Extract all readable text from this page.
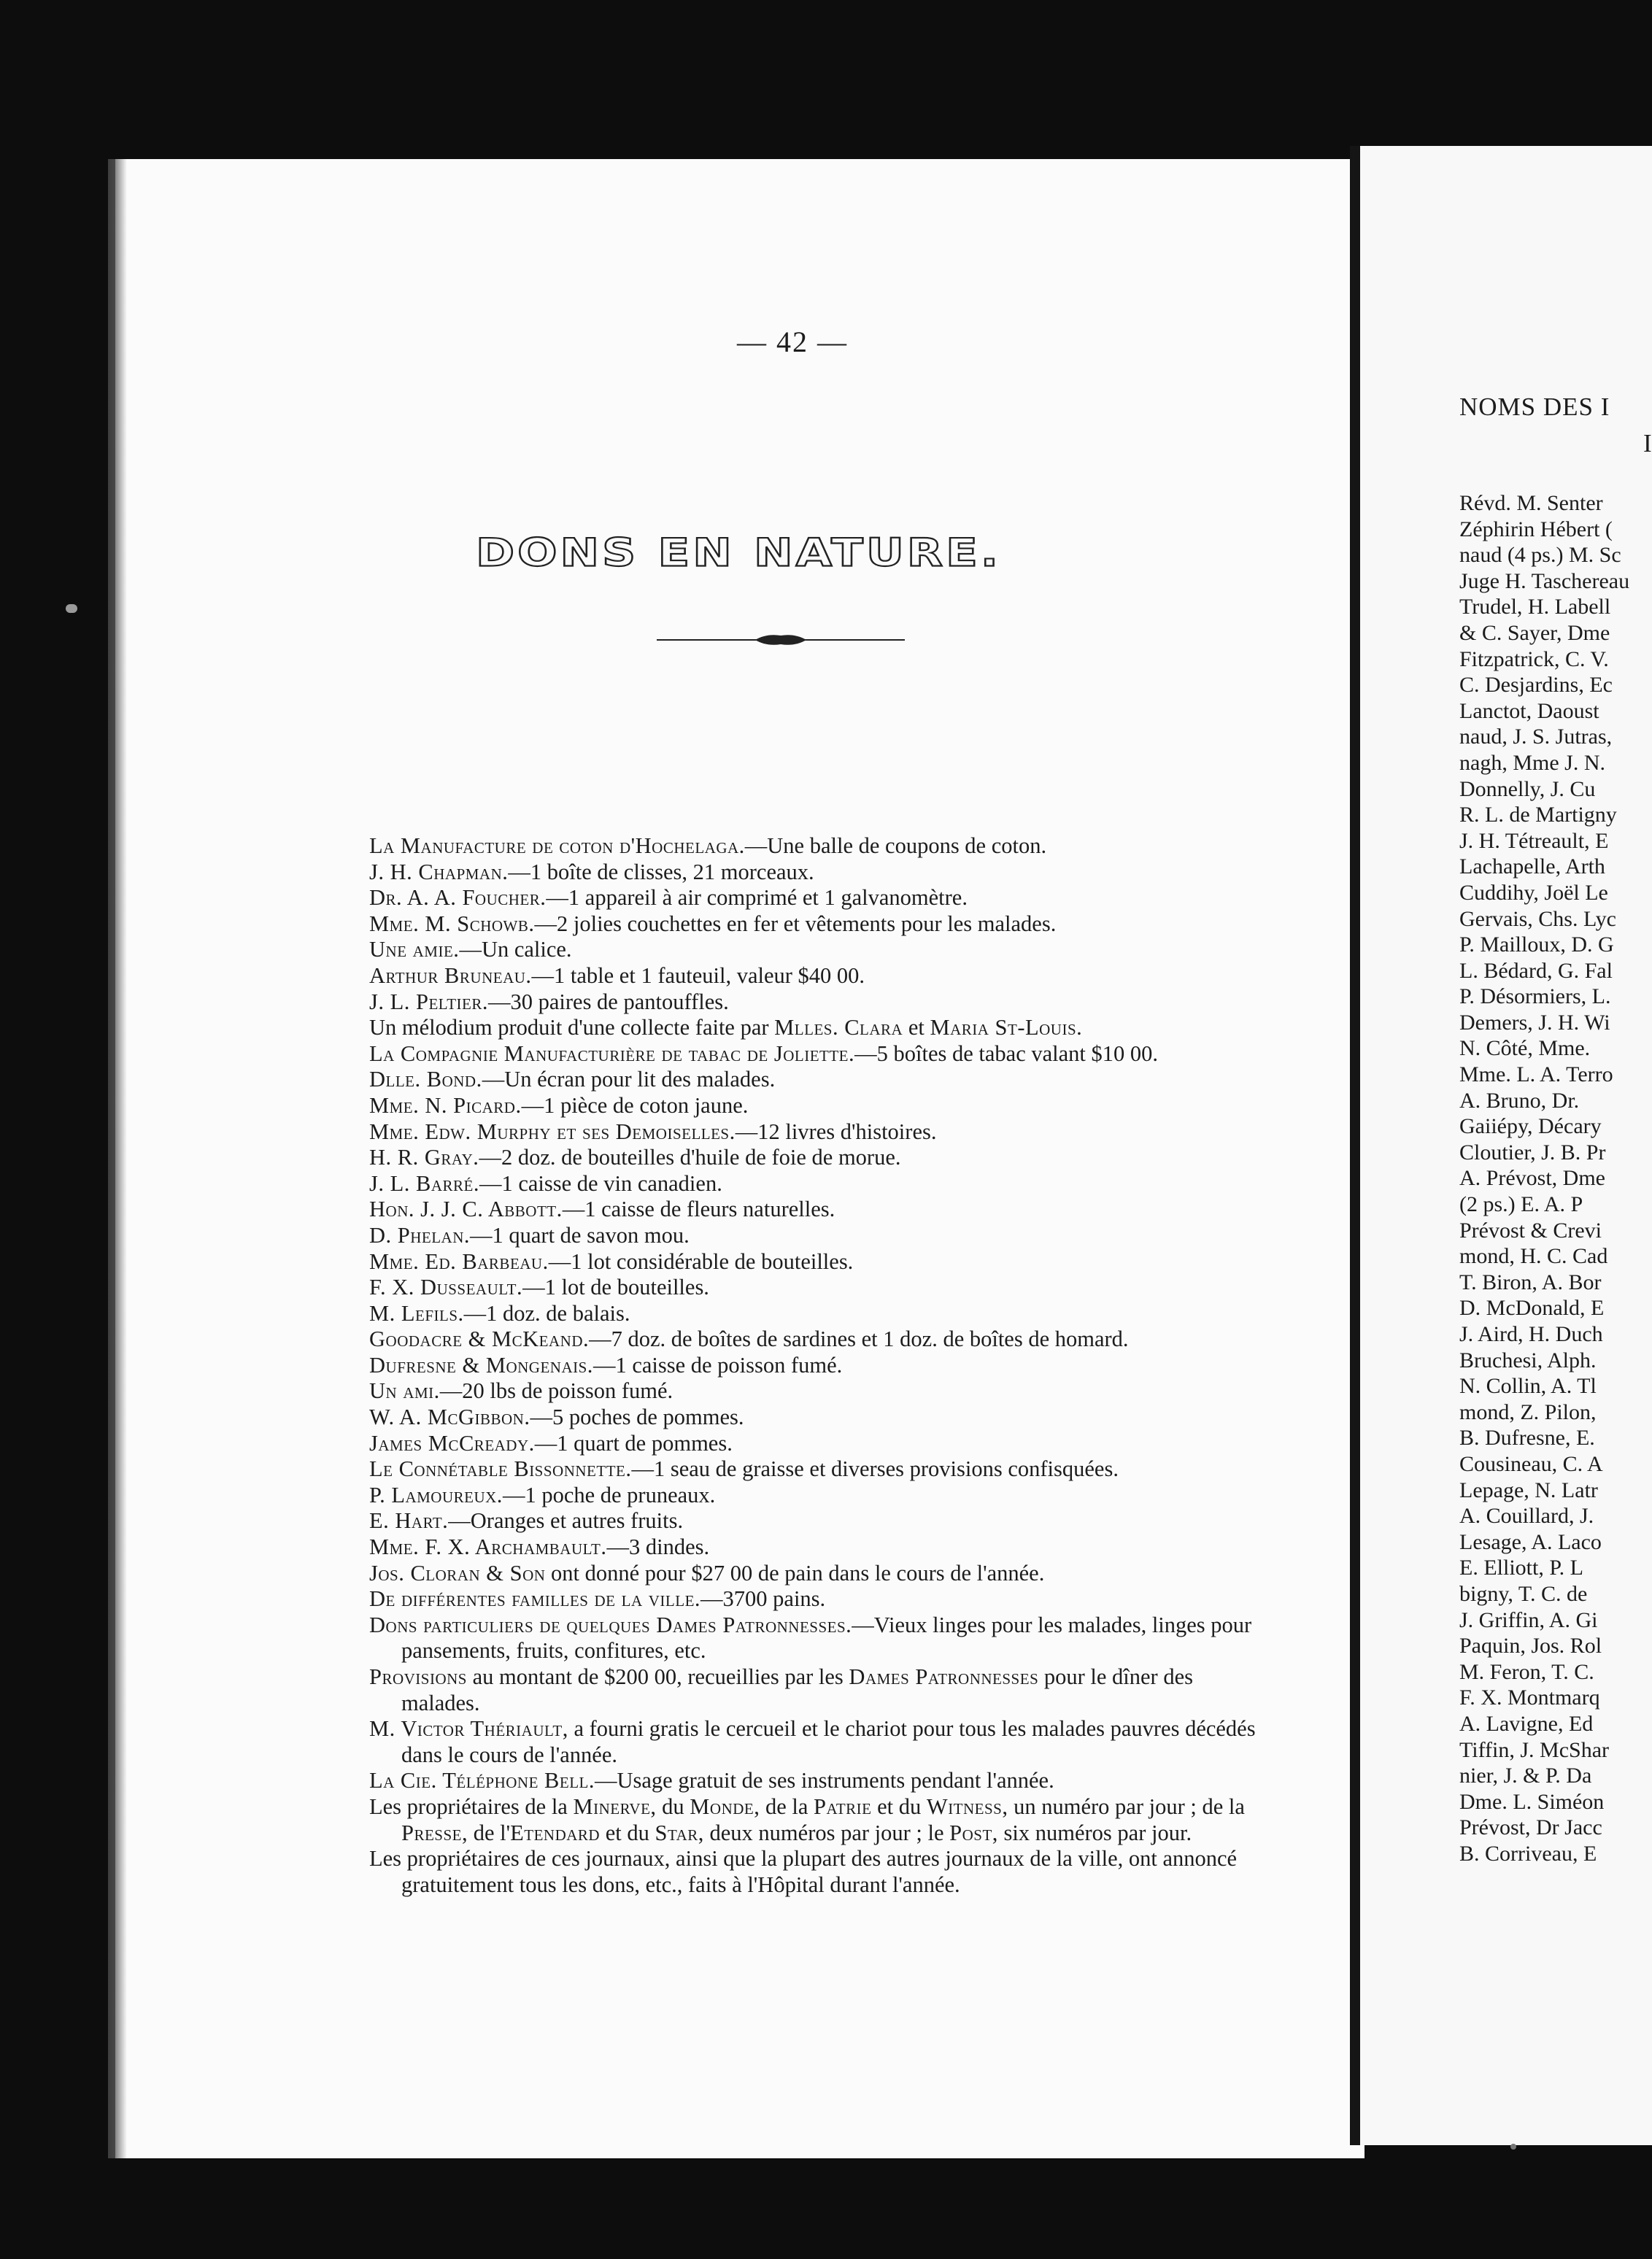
— 42 —
DONS EN NATURE.
La Manufacture de coton d'Hochelaga.—Une balle de coupons de coton.
J. H. Chapman.—1 boîte de clisses, 21 morceaux.
Dr. A. A. Foucher.—1 appareil à air comprimé et 1 galvanomètre.
Mme. M. Schowb.—2 jolies couchettes en fer et vêtements pour les malades.
Une amie.—Un calice.
Arthur Bruneau.—1 table et 1 fauteuil, valeur $40 00.
J. L. Peltier.—30 paires de pantouffles.
Un mélodium produit d'une collecte faite par Mlles. Clara et Maria St-Louis.
La Compagnie Manufacturière de tabac de Joliette.—5 boîtes de tabac valant $10 00.
Dlle. Bond.—Un écran pour lit des malades.
Mme. N. Picard.—1 pièce de coton jaune.
Mme. Edw. Murphy et ses Demoiselles.—12 livres d'histoires.
H. R. Gray.—2 doz. de bouteilles d'huile de foie de morue.
J. L. Barré.—1 caisse de vin canadien.
Hon. J. J. C. Abbott.—1 caisse de fleurs naturelles.
D. Phelan.—1 quart de savon mou.
Mme. Ed. Barbeau.—1 lot considérable de bouteilles.
F. X. Dusseault.—1 lot de bouteilles.
M. Lefils.—1 doz. de balais.
Goodacre & McKeand.—7 doz. de boîtes de sardines et 1 doz. de boîtes de homard.
Dufresne & Mongenais.—1 caisse de poisson fumé.
Un ami.—20 lbs de poisson fumé.
W. A. McGibbon.—5 poches de pommes.
James McCready.—1 quart de pommes.
Le Connétable Bissonnette.—1 seau de graisse et diverses provisions confisquées.
P. Lamoureux.—1 poche de pruneaux.
E. Hart.—Oranges et autres fruits.
Mme. F. X. Archambault.—3 dindes.
Jos. Cloran & Son ont donné pour $27 00 de pain dans le cours de l'année.
De différentes familles de la ville.—3700 pains.
Dons particuliers de quelques Dames Patronnesses.—Vieux linges pour les malades, linges pour pansements, fruits, confitures, etc.
Provisions au montant de $200 00, recueillies par les Dames Patronnesses pour le dîner des malades.
M. Victor Thériault, a fourni gratis le cercueil et le chariot pour tous les malades pauvres décédés dans le cours de l'année.
La Cie. Téléphone Bell.—Usage gratuit de ses instruments pendant l'année.
Les propriétaires de la Minerve, du Monde, de la Patrie et du Witness, un numéro par jour ; de la Presse, de l'Etendard et du Star, deux numéros par jour ; le Post, six numéros par jour.
Les propriétaires de ces journaux, ainsi que la plupart des autres journaux de la ville, ont annoncé gratuitement tous les dons, etc., faits à l'Hôpital durant l'année.
NOMS DES I
I
Révd. M. Senter
Zéphirin Hébert (
naud (4 ps.) M. Sc
Juge H. Taschereau
Trudel, H. Labell
& C. Sayer, Dme
Fitzpatrick, C. V.
C. Desjardins, Ec
Lanctot, Daoust
naud, J. S. Jutras,
nagh, Mme J. N.
Donnelly, J. Cu
R. L. de Martigny
J. H. Tétreault, E
Lachapelle, Arth
Cuddihy, Joël Le
Gervais, Chs. Lyc
P. Mailloux, D. G
L. Bédard, G. Fal
P. Désormiers, L.
Demers, J. H. Wi
N. Côté, Mme.
Mme. L. A. Terro
A. Bruno, Dr.
Gaiiépy, Décary
Cloutier, J. B. Pr
A. Prévost, Dme
(2 ps.) E. A. P
Prévost & Crevi
mond, H. C. Cad
T. Biron, A. Bor
D. McDonald, E
J. Aird, H. Duch
Bruchesi, Alph.
N. Collin, A. Tl
mond, Z. Pilon,
B. Dufresne, E.
Cousineau, C. A
Lepage, N. Latr
A. Couillard, J.
Lesage, A. Laco
E. Elliott, P. L
bigny, T. C. de
J. Griffin, A. Gi
Paquin, Jos. Rol
M. Feron, T. C.
F. X. Montmarq
A. Lavigne, Ed
Tiffin, J. McShar
nier, J. & P. Da
Dme. L. Siméon
Prévost, Dr Jacc
B. Corriveau, E
